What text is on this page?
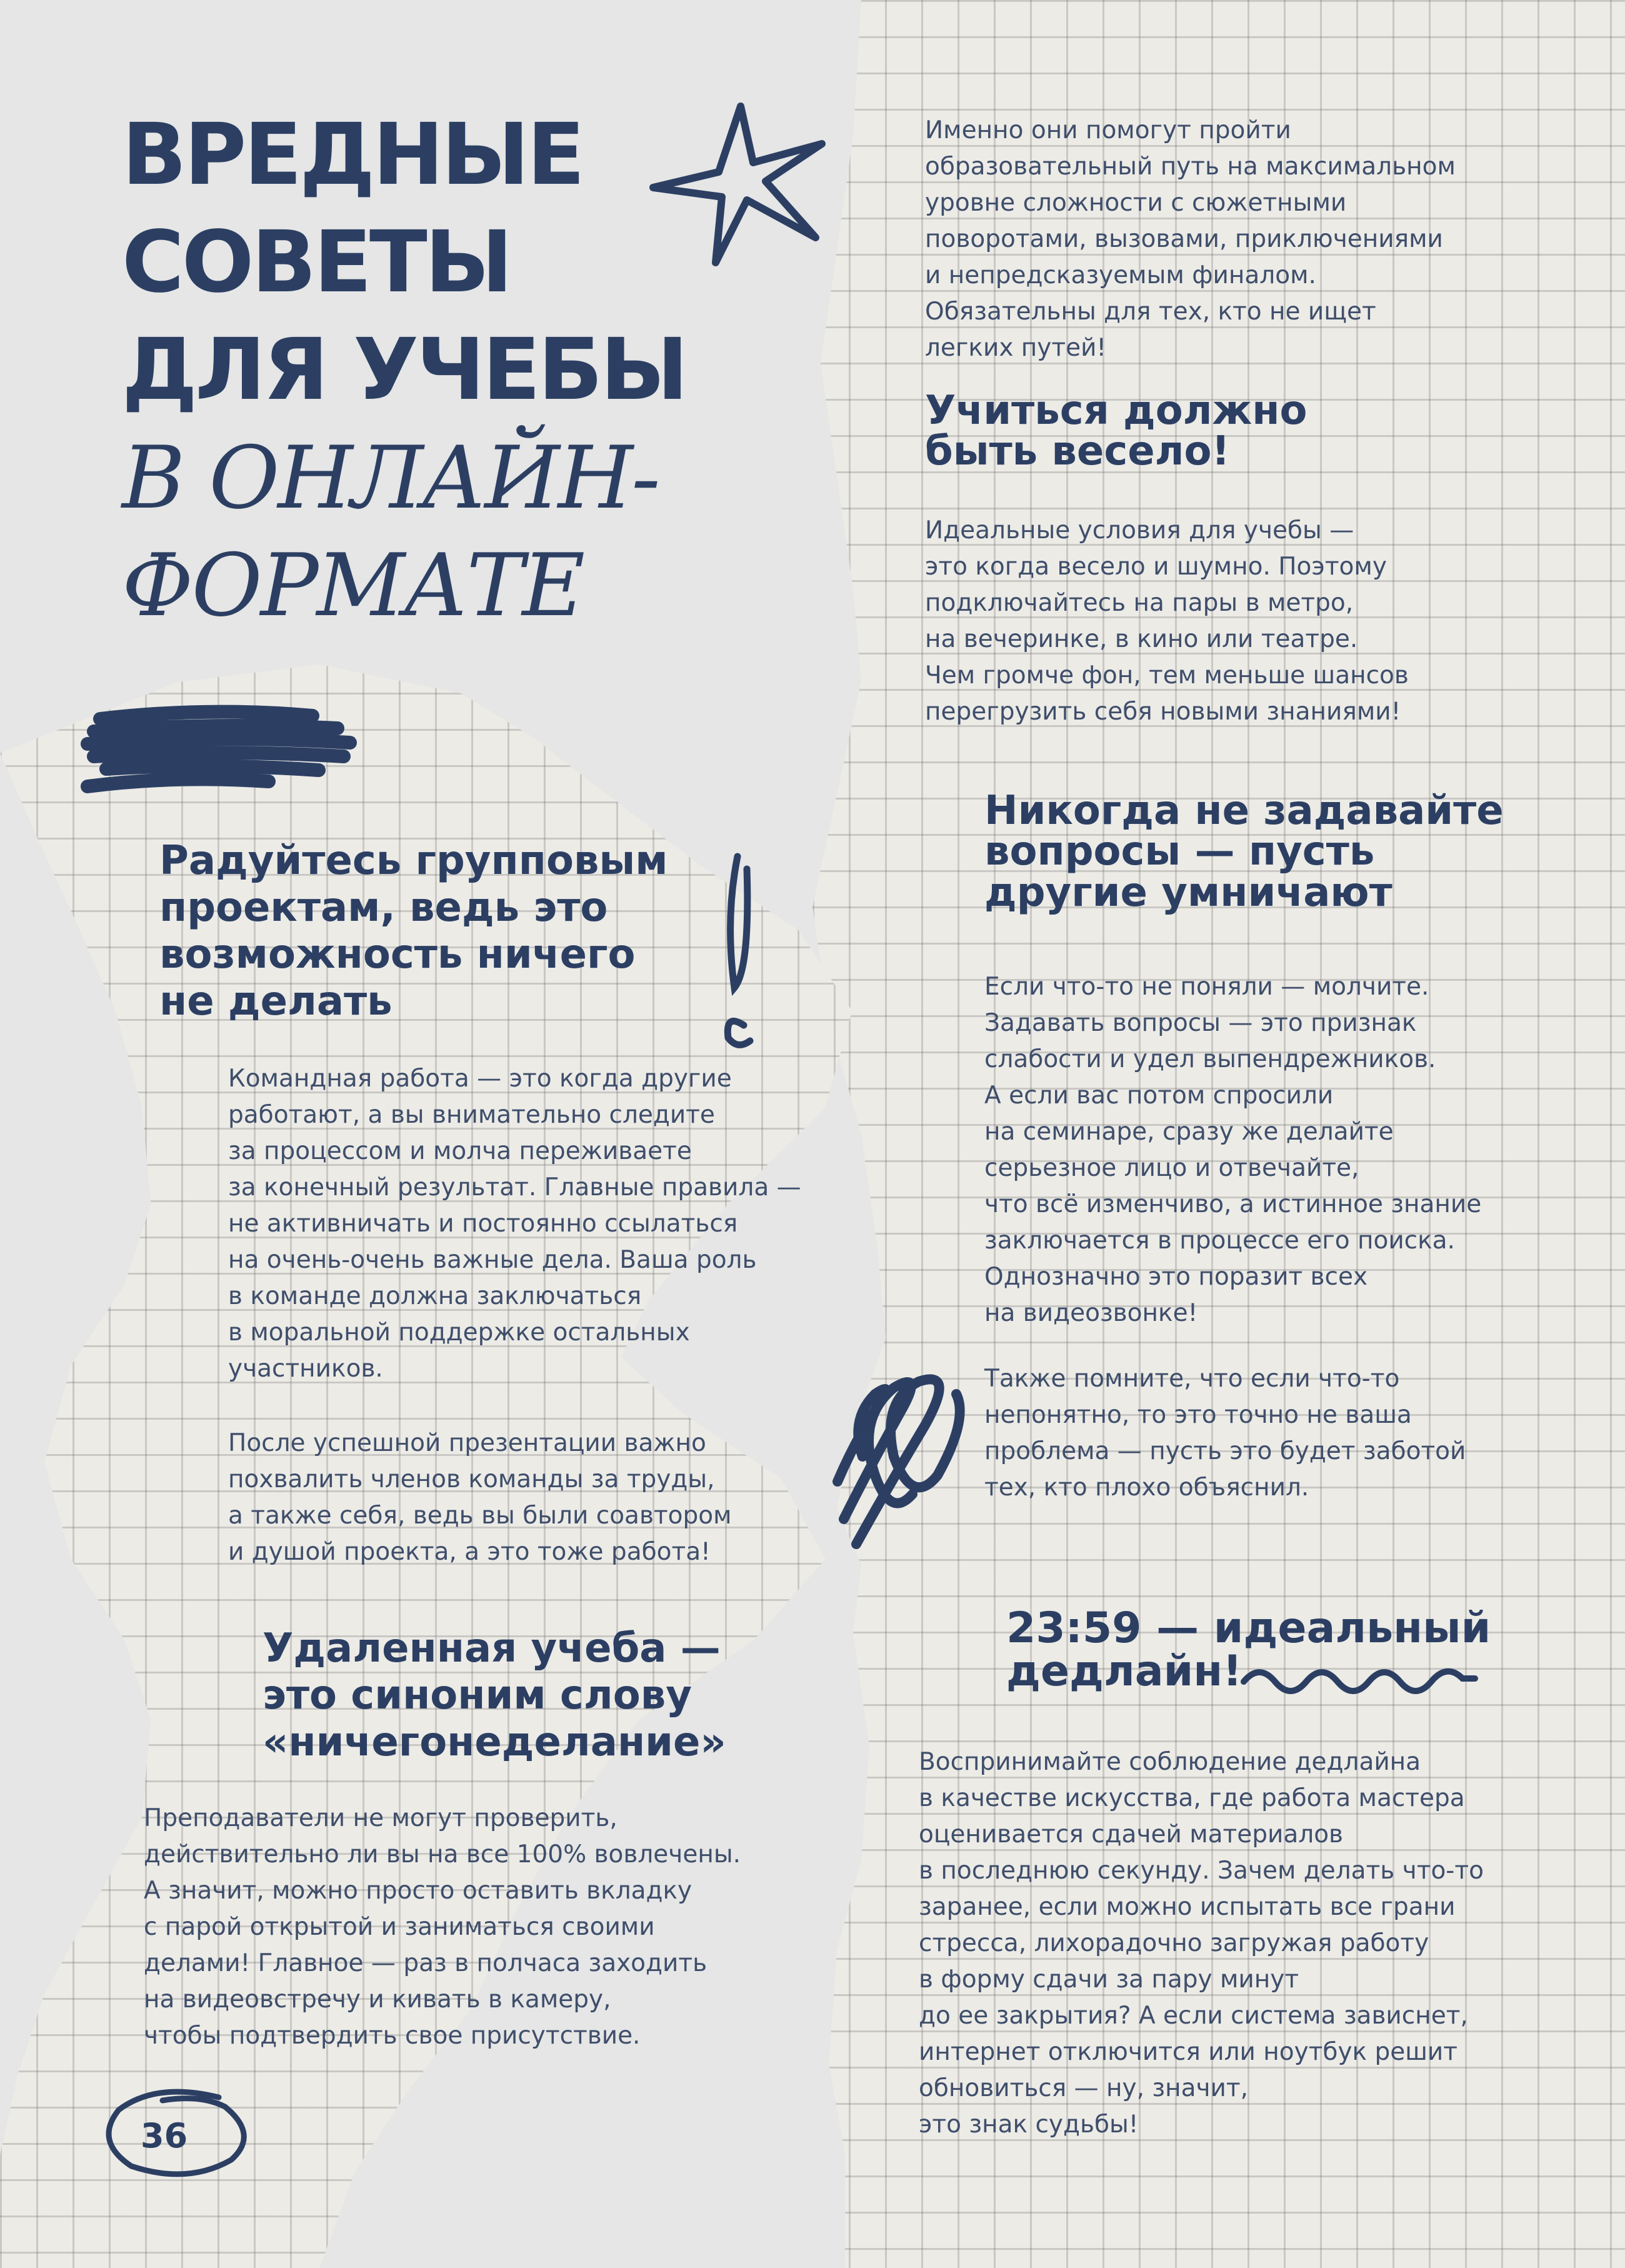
ВРЕДНЫЕ
СОВЕТЫ
ДЛЯ УЧЕБЫ
В ОНЛАЙН-
ФОРМАТЕ
36
Именно они помогут пройти
образовательный путь на максимальном
уровне сложности с сюжетными
поворотами, вызовами, приключениями
и непредсказуемым финалом.
Обязательны для тех, кто не ищет
легких путей!
Учиться должно
быть весело!
Идеальные условия для учебы —
это когда весело и шумно. Поэтому
подключайтесь на пары в метро,
на вечеринке, в кино или театре.
Чем громче фон, тем меньше шансов
перегрузить себя новыми знаниями!
Никогда не задавайте
вопросы — пусть
другие умничают
Если что-то не поняли — молчите.
Задавать вопросы — это признак
слабости и удел выпендрежников.
А если вас потом спросили
на семинаре, сразу же делайте
серьезное лицо и отвечайте,
что всё изменчиво, а истинное знание
заключается в процессе его поиска.
Однозначно это поразит всех
на видеозвонке!
Также помните, что если что-то
непонятно, то это точно не ваша
проблема — пусть это будет заботой
тех, кто плохо объяснил.
23:59 — идеальный
дедлайн!
Воспринимайте соблюдение дедлайна
в качестве искусства, где работа мастера
оценивается сдачей материалов
в последнюю секунду. Зачем делать что-то
заранее, если можно испытать все грани
стресса, лихорадочно загружая работу
в форму сдачи за пару минут
до ее закрытия? А если система зависнет,
интернет отключится или ноутбук решит
обновиться — ну, значит,
это знак судьбы!
Радуйтесь групповым
проектам, ведь это
возможность ничего
не делать
Командная работа — это когда другие
работают, а вы внимательно следите
за процессом и молча переживаете
за конечный результат. Главные правила —
не активничать и постоянно ссылаться
на очень-очень важные дела. Ваша роль
в команде должна заключаться
в моральной поддержке остальных
участников.
После успешной презентации важно
похвалить членов команды за труды,
а также себя, ведь вы были соавтором
и душой проекта, а это тоже работа!
Удаленная учеба —
это синоним слову
«ничегонеделание»
Преподаватели не могут проверить,
действительно ли вы на все 100% вовлечены.
А значит, можно просто оставить вкладку
с парой открытой и заниматься своими
делами! Главное — раз в полчаса заходить
на видеовстречу и кивать в камеру,
чтобы подтвердить свое присутствие.
